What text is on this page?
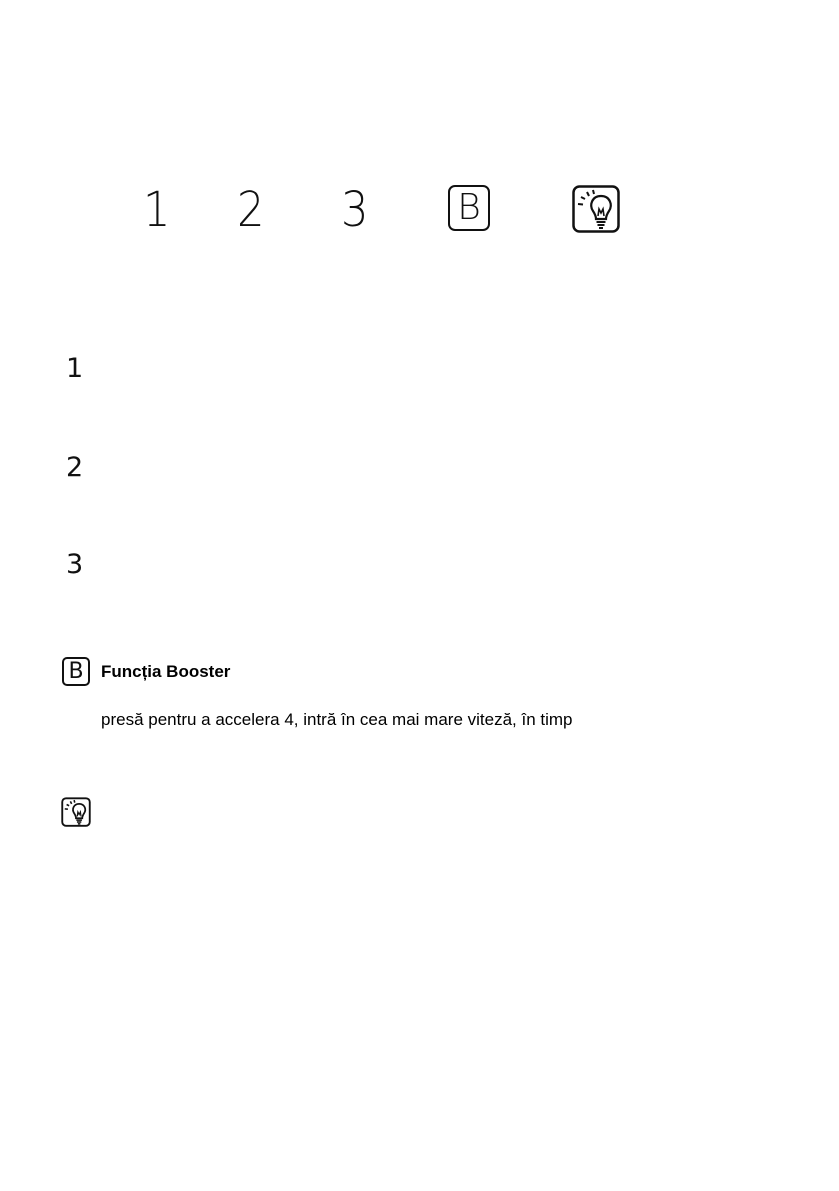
1 2 3 B
1
2
3
B Funcția Booster
presă pentru a accelera 4, intră în cea mai mare viteză, în timp
